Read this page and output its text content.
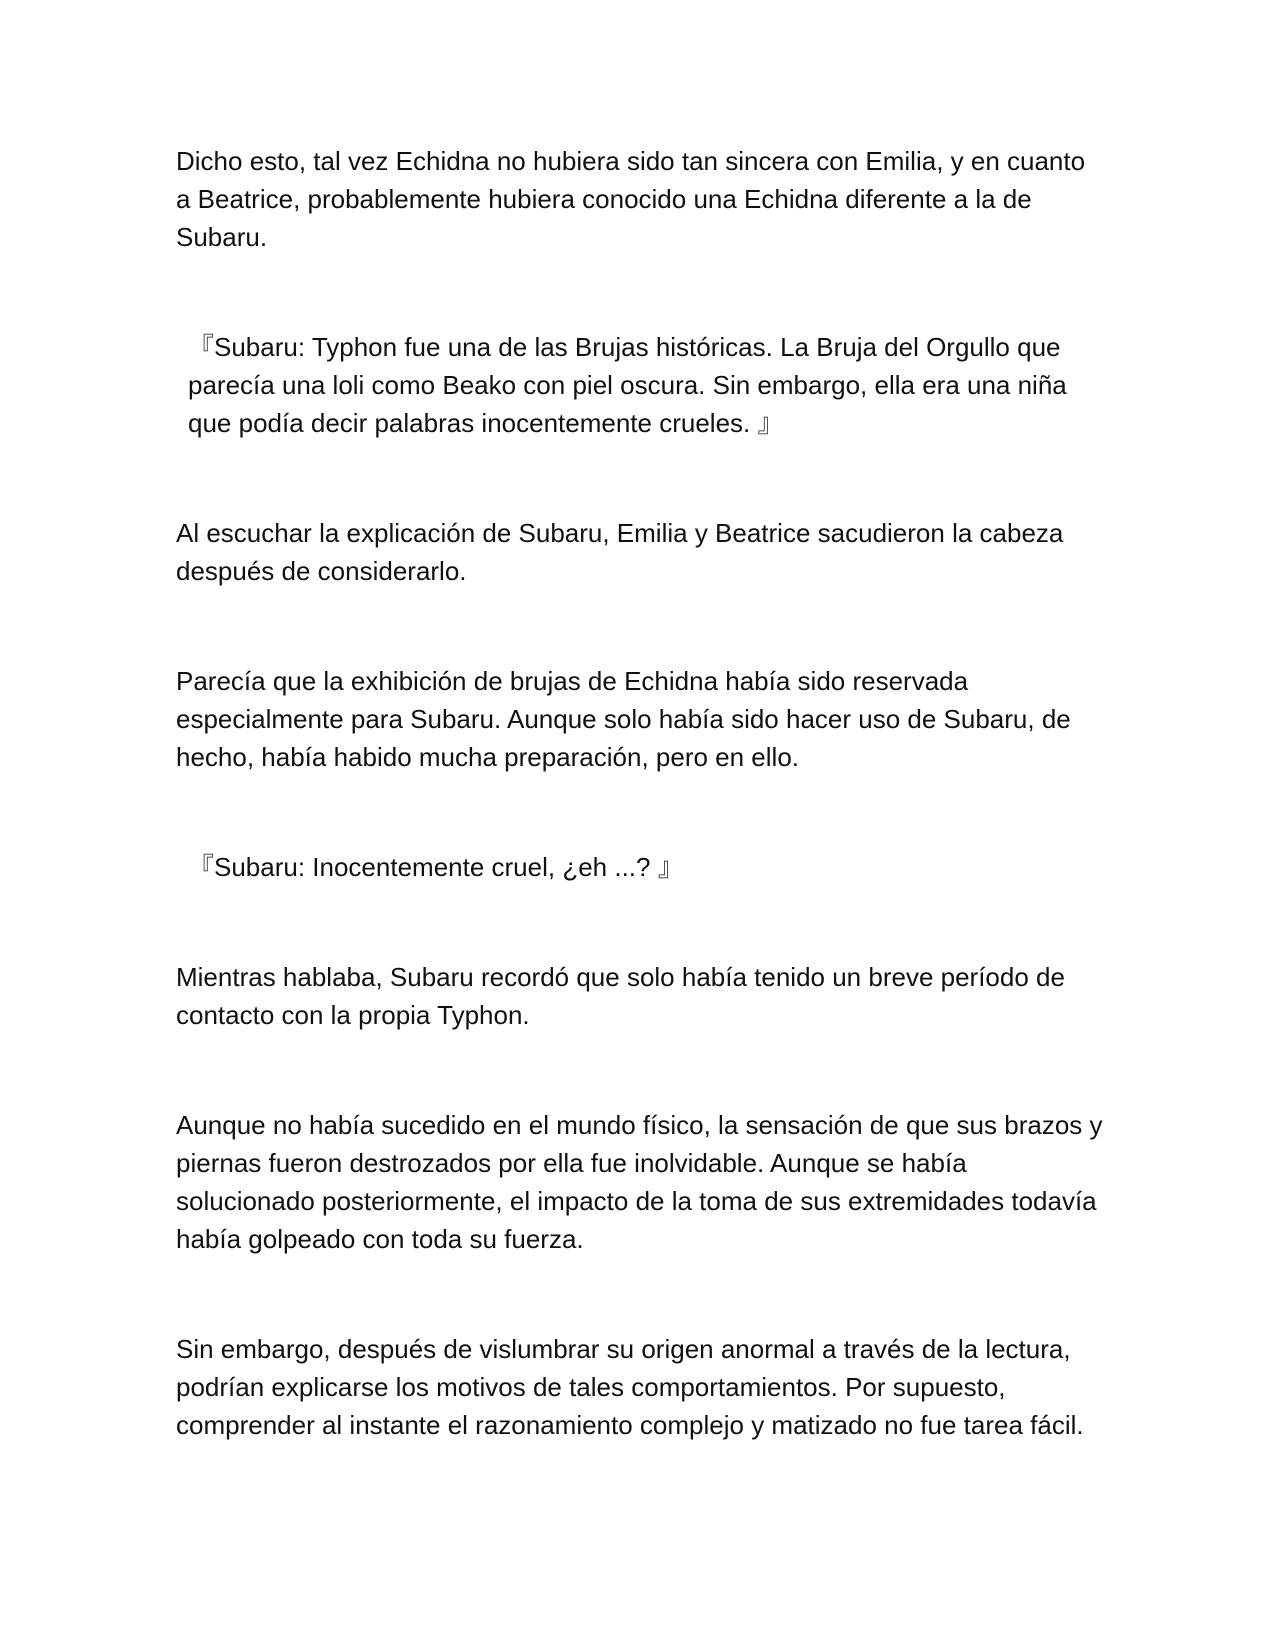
Dicho esto, tal vez Echidna no hubiera sido tan sincera con Emilia, y en cuanto a Beatrice, probablemente hubiera conocido una Echidna diferente a la de Subaru.

『Subaru: Typhon fue una de las Brujas históricas. La Bruja del Orgullo que parecía una loli como Beako con piel oscura. Sin embargo, ella era una niña que podía decir palabras inocentemente crueles. 』

Al escuchar la explicación de Subaru, Emilia y Beatrice sacudieron la cabeza después de considerarlo.

Parecía que la exhibición de brujas de Echidna había sido reservada especialmente para Subaru. Aunque solo había sido hacer uso de Subaru, de hecho, había habido mucha preparación, pero en ello.

『Subaru: Inocentemente cruel, ¿eh ...? 』

Mientras hablaba, Subaru recordó que solo había tenido un breve período de contacto con la propia Typhon.

Aunque no había sucedido en el mundo físico, la sensación de que sus brazos y piernas fueron destrozados por ella fue inolvidable. Aunque se había solucionado posteriormente, el impacto de la toma de sus extremidades todavía había golpeado con toda su fuerza.

Sin embargo, después de vislumbrar su origen anormal a través de la lectura, podrían explicarse los motivos de tales comportamientos. Por supuesto, comprender al instante el razonamiento complejo y matizado no fue tarea fácil.
